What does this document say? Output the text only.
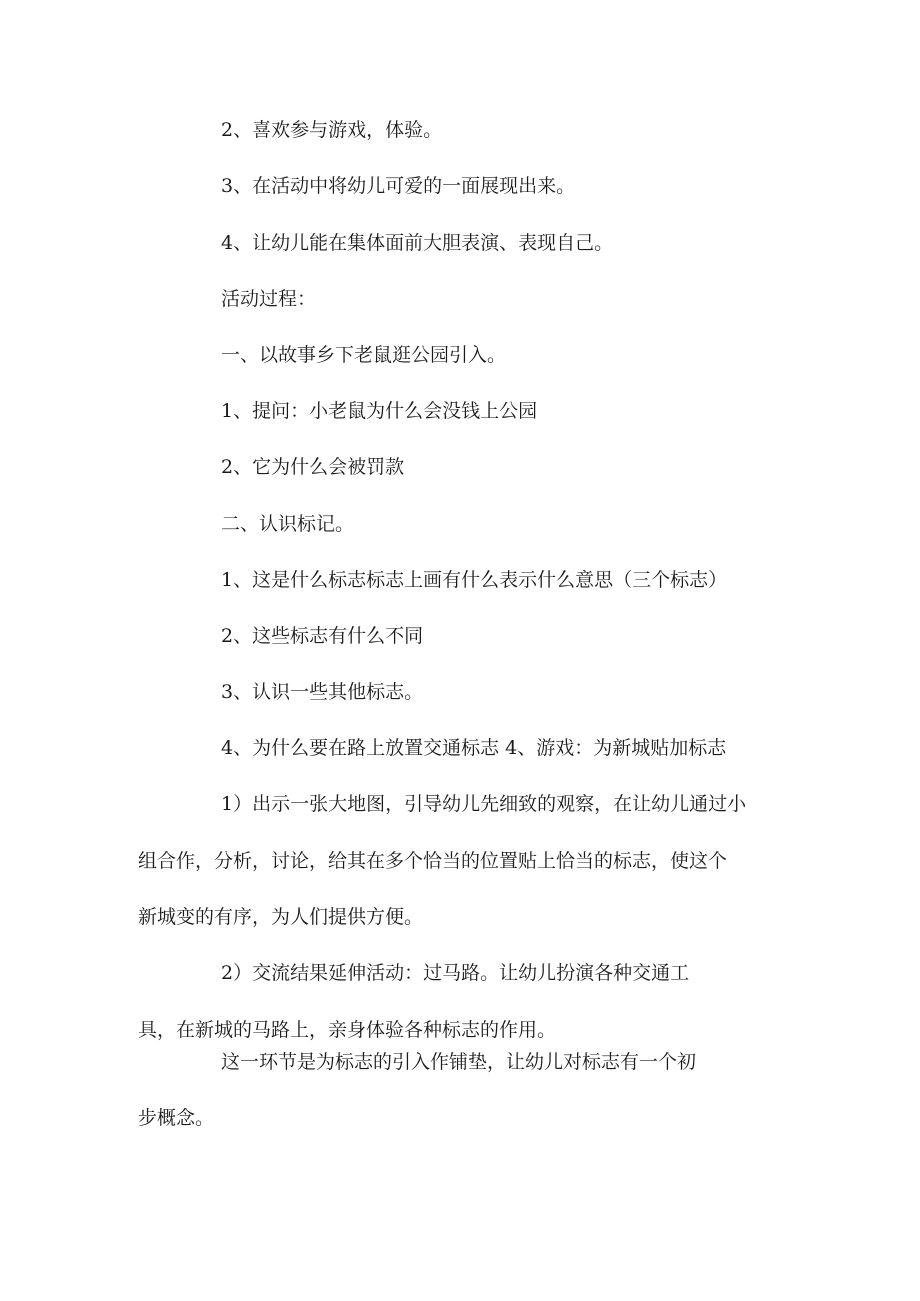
2、喜欢参与游戏，体验。

3、在活动中将幼儿可爱的一面展现出来。

4、让幼儿能在集体面前大胆表演、表现自己。

活动过程：

一、以故事乡下老鼠逛公园引入。

1、提问：小老鼠为什么会没钱上公园

2、它为什么会被罚款

二、认识标记。

1、这是什么标志标志上画有什么表示什么意思（三个标志）

2、这些标志有什么不同

3、认识一些其他标志。

4、为什么要在路上放置交通标志 4、游戏：为新城贴加标志

1）出示一张大地图，引导幼儿先细致的观察，在让幼儿通过小

组合作，分析，讨论，给其在多个恰当的位置贴上恰当的标志，使这个

新城变的有序，为人们提供方便。

2）交流结果延伸活动：过马路。让幼儿扮演各种交通工

具，在新城的马路上，亲身体验各种标志的作用。

这一环节是为标志的引入作铺垫，让幼儿对标志有一个初

步概念。
